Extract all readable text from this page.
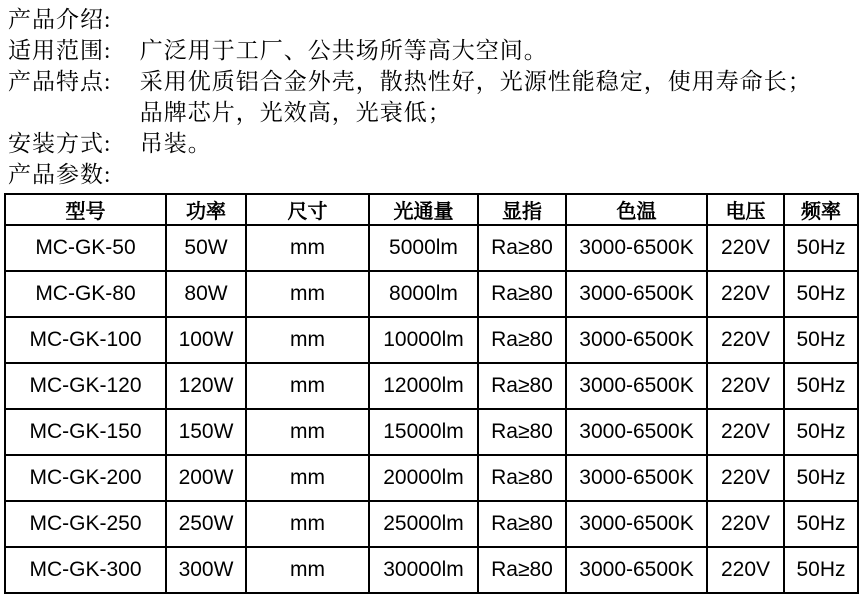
产品介绍:
适用范围: 广泛用于工厂、公共场所等高大空间。
产品特点: 采用优质铝合金外壳，散热性好，光源性能稳定，使用寿命长；
品牌芯片，光效高，光衰低；
安装方式: 吊装。
产品参数:
型号	功率	尺寸	光通量	显指	色温	电压	频率
MC-GK-50	50W	mm	5000lm	Ra≥80	3000-6500K	220V	50Hz
MC-GK-80	80W	mm	8000lm	Ra≥80	3000-6500K	220V	50Hz
MC-GK-100	100W	mm	10000lm	Ra≥80	3000-6500K	220V	50Hz
MC-GK-120	120W	mm	12000lm	Ra≥80	3000-6500K	220V	50Hz
MC-GK-150	150W	mm	15000lm	Ra≥80	3000-6500K	220V	50Hz
MC-GK-200	200W	mm	20000lm	Ra≥80	3000-6500K	220V	50Hz
MC-GK-250	250W	mm	25000lm	Ra≥80	3000-6500K	220V	50Hz
MC-GK-300	300W	mm	30000lm	Ra≥80	3000-6500K	220V	50Hz
